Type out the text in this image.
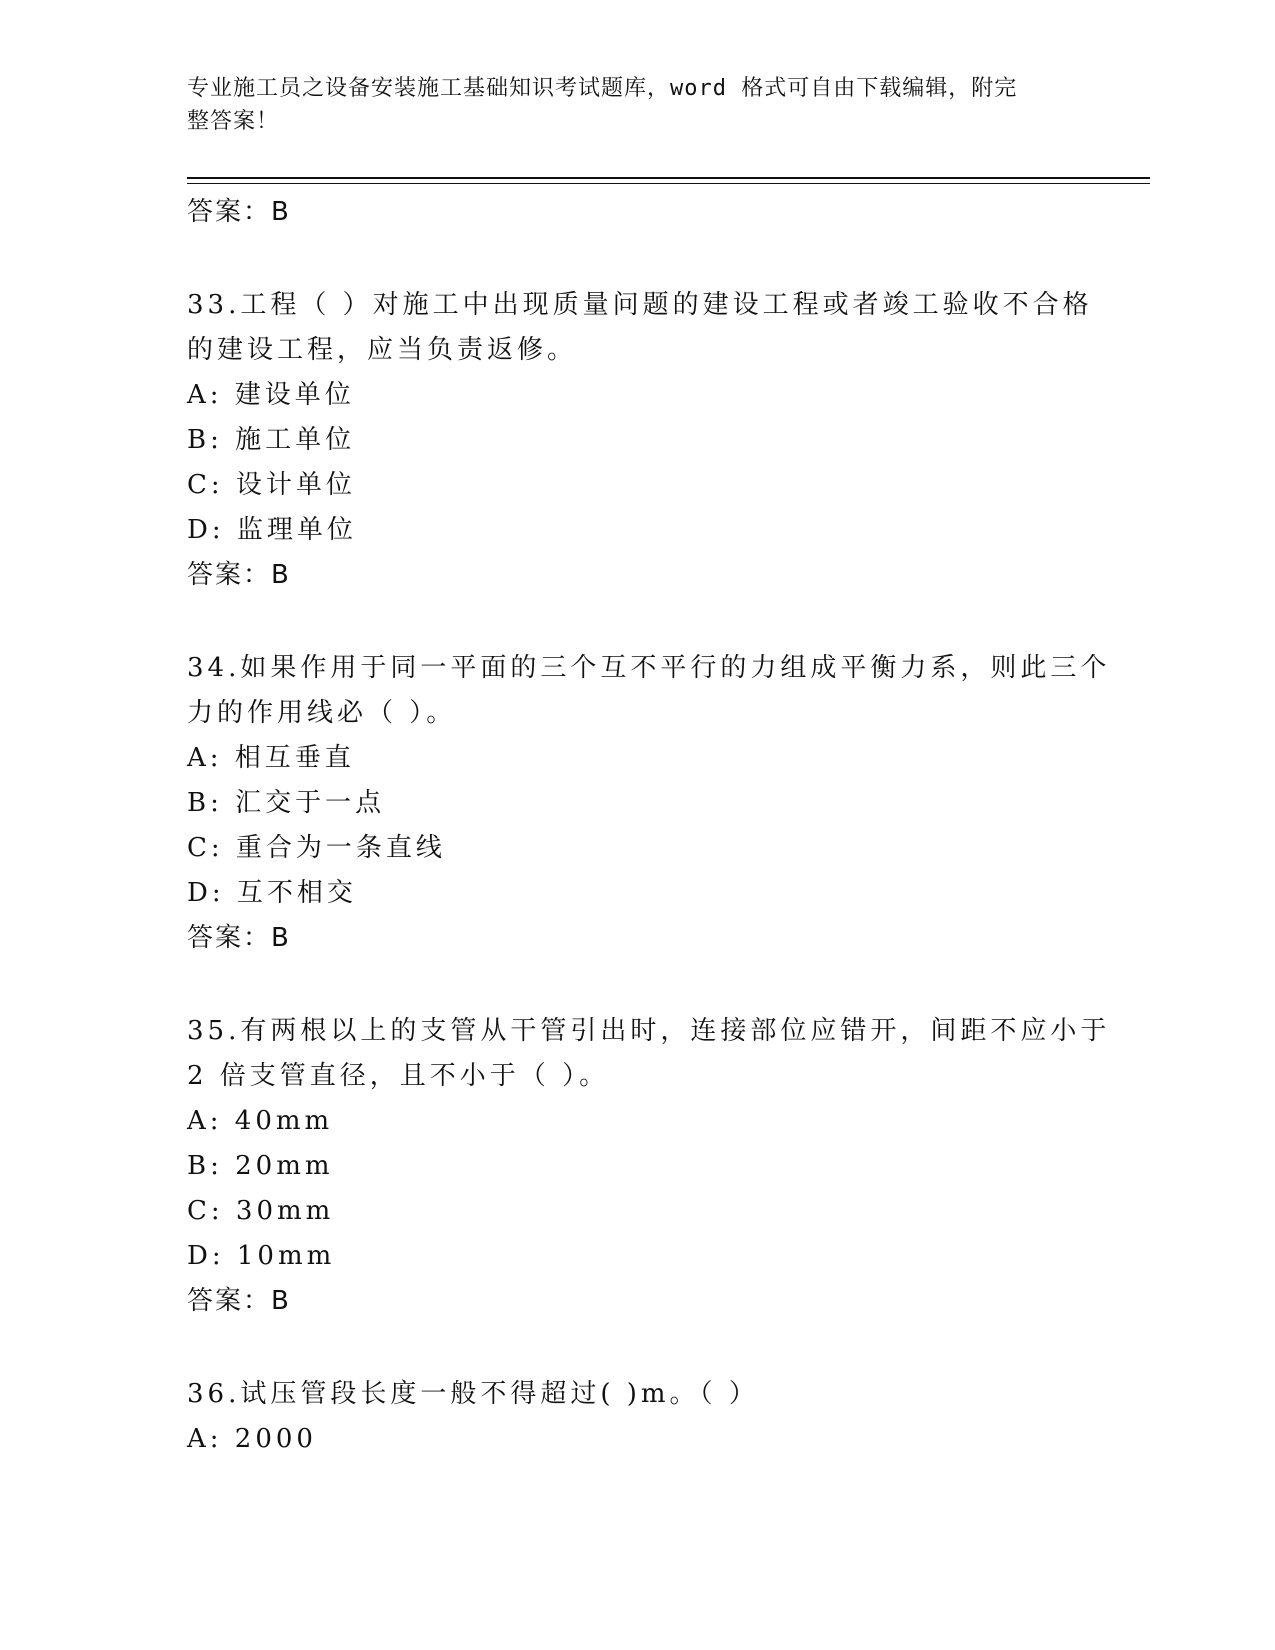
专业施工员之设备安装施工基础知识考试题库，word 格式可自由下载编辑，附完
整答案！
答案：B
33.工程（ ）对施工中出现质量问题的建设工程或者竣工验收不合格
的建设工程，应当负责返修。
A: 建设单位
B: 施工单位
C: 设计单位
D: 监理单位
答案：B
34.如果作用于同一平面的三个互不平行的力组成平衡力系，则此三个
力的作用线必（ ）。
A: 相互垂直
B: 汇交于一点
C: 重合为一条直线
D: 互不相交
答案：B
35.有两根以上的支管从干管引出时，连接部位应错开，间距不应小于
2 倍支管直径，且不小于（ ）。
A: 40mm
B: 20mm
C: 30mm
D: 10mm
答案：B
36.试压管段长度一般不得超过( )m。（ ）
A: 2000
